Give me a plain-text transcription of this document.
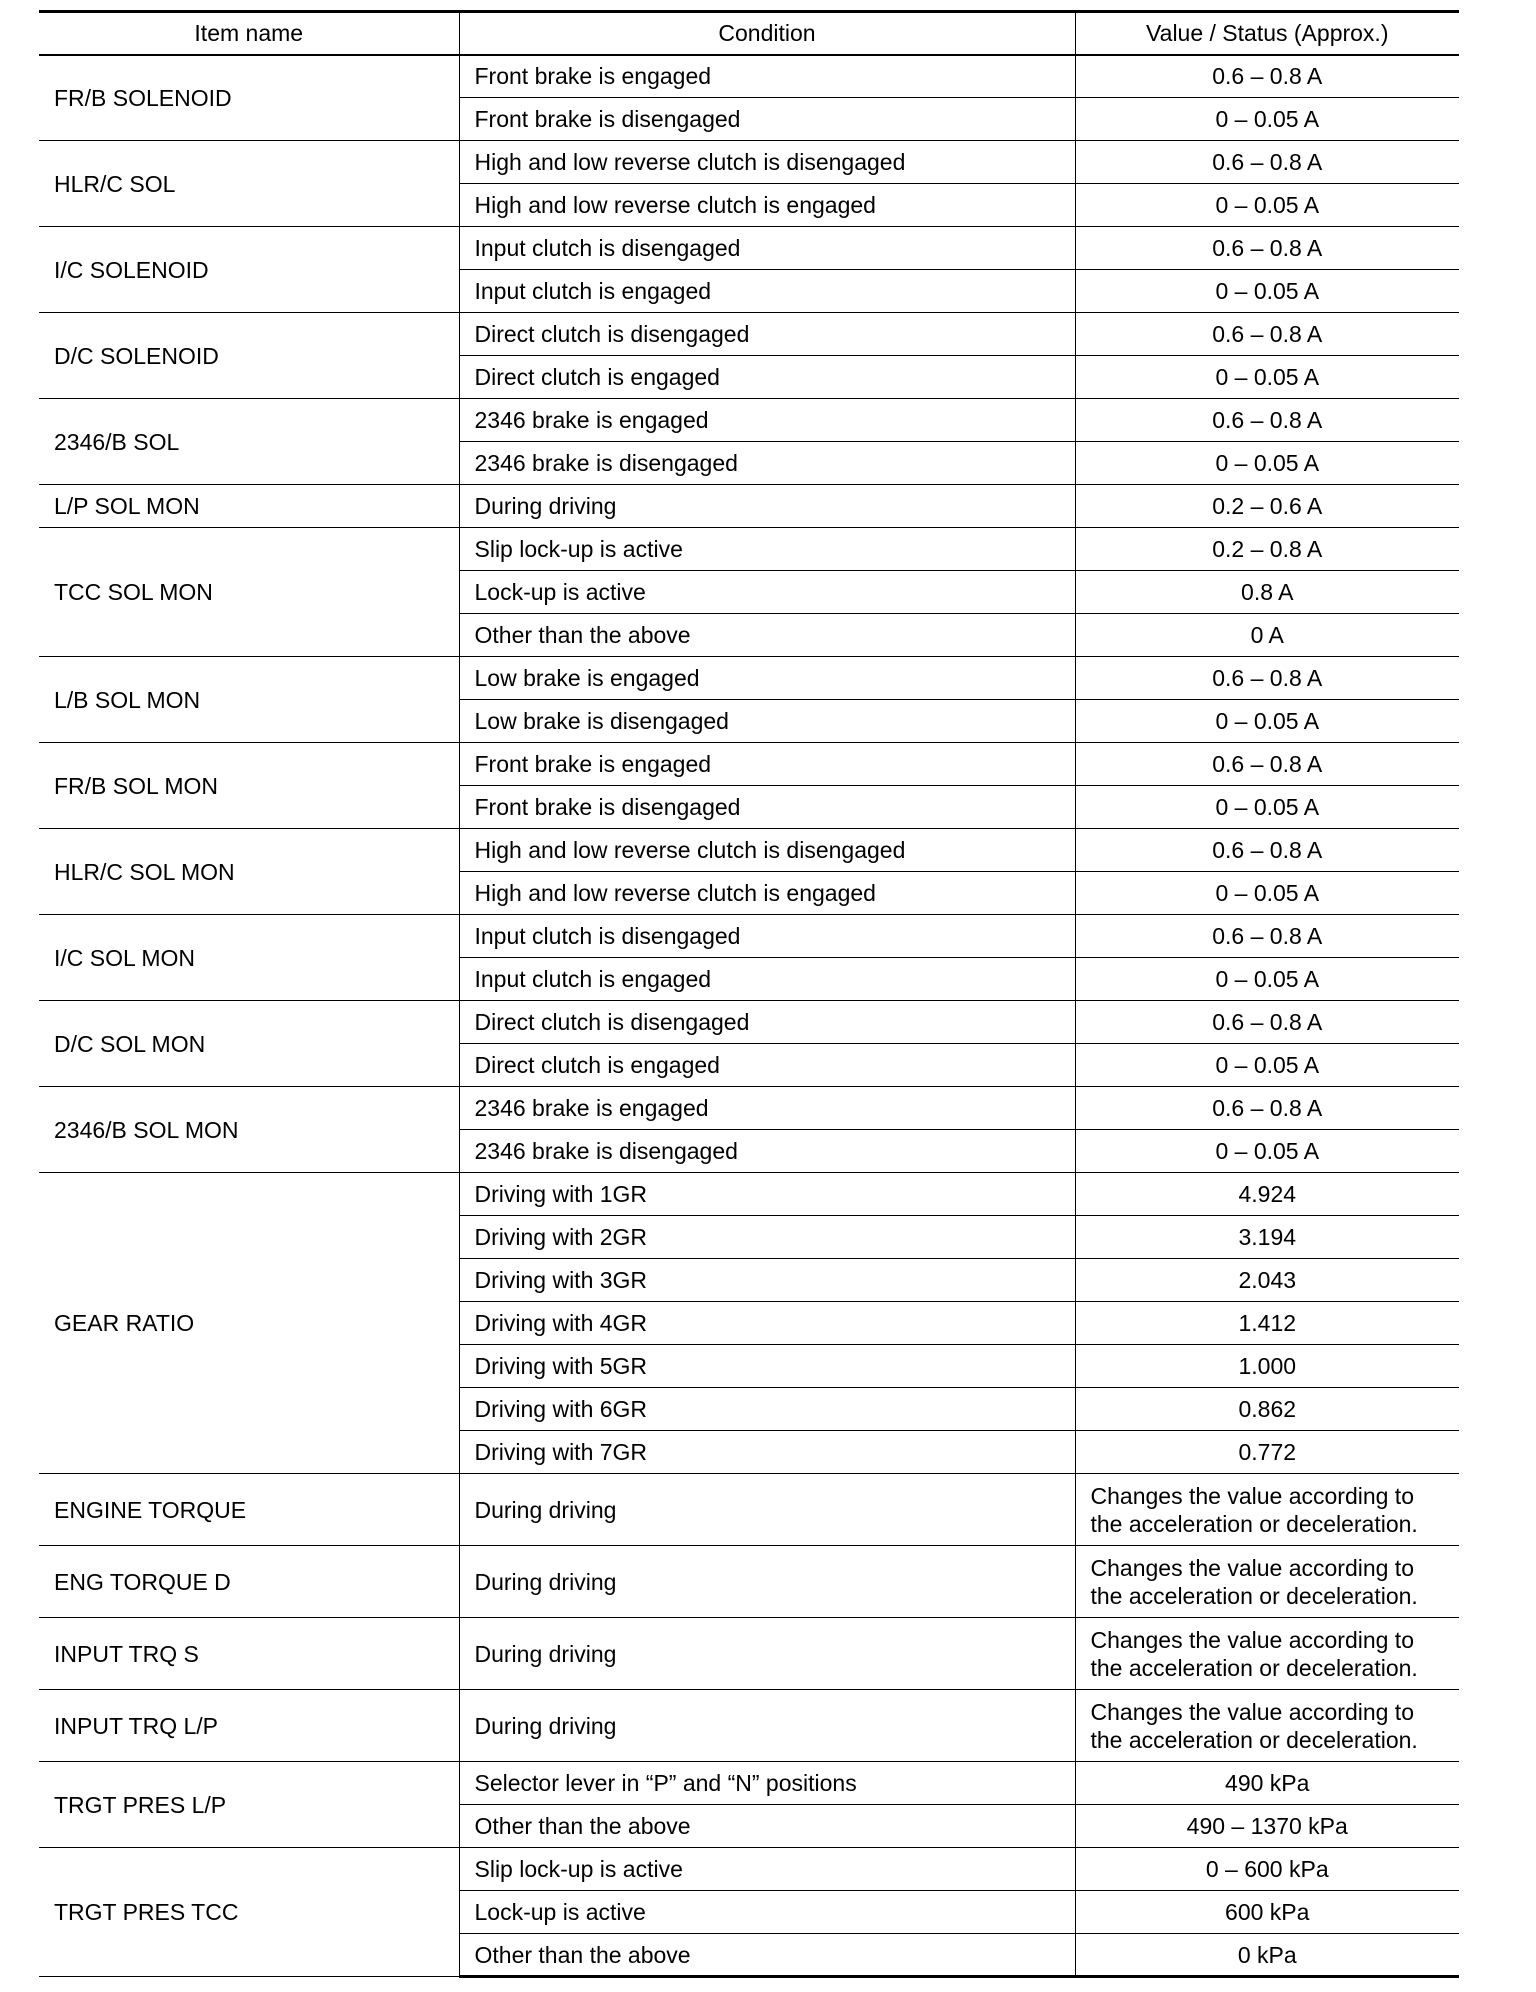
Item name	Condition	Value / Status (Approx.)
FR/B SOLENOID	Front brake is engaged	0.6 – 0.8 A
	Front brake is disengaged	0 – 0.05 A
HLR/C SOL	High and low reverse clutch is disengaged	0.6 – 0.8 A
	High and low reverse clutch is engaged	0 – 0.05 A
I/C SOLENOID	Input clutch is disengaged	0.6 – 0.8 A
	Input clutch is engaged	0 – 0.05 A
D/C SOLENOID	Direct clutch is disengaged	0.6 – 0.8 A
	Direct clutch is engaged	0 – 0.05 A
2346/B SOL	2346 brake is engaged	0.6 – 0.8 A
	2346 brake is disengaged	0 – 0.05 A
L/P SOL MON	During driving	0.2 – 0.6 A
TCC SOL MON	Slip lock-up is active	0.2 – 0.8 A
	Lock-up is active	0.8 A
	Other than the above	0 A
L/B SOL MON	Low brake is engaged	0.6 – 0.8 A
	Low brake is disengaged	0 – 0.05 A
FR/B SOL MON	Front brake is engaged	0.6 – 0.8 A
	Front brake is disengaged	0 – 0.05 A
HLR/C SOL MON	High and low reverse clutch is disengaged	0.6 – 0.8 A
	High and low reverse clutch is engaged	0 – 0.05 A
I/C SOL MON	Input clutch is disengaged	0.6 – 0.8 A
	Input clutch is engaged	0 – 0.05 A
D/C SOL MON	Direct clutch is disengaged	0.6 – 0.8 A
	Direct clutch is engaged	0 – 0.05 A
2346/B SOL MON	2346 brake is engaged	0.6 – 0.8 A
	2346 brake is disengaged	0 – 0.05 A
GEAR RATIO	Driving with 1GR	4.924
	Driving with 2GR	3.194
	Driving with 3GR	2.043
	Driving with 4GR	1.412
	Driving with 5GR	1.000
	Driving with 6GR	0.862
	Driving with 7GR	0.772
ENGINE TORQUE	During driving	Changes the value according to the acceleration or deceleration.
ENG TORQUE D	During driving	Changes the value according to the acceleration or deceleration.
INPUT TRQ S	During driving	Changes the value according to the acceleration or deceleration.
INPUT TRQ L/P	During driving	Changes the value according to the acceleration or deceleration.
TRGT PRES L/P	Selector lever in “P” and “N” positions	490 kPa
	Other than the above	490 – 1370 kPa
TRGT PRES TCC	Slip lock-up is active	0 – 600 kPa
	Lock-up is active	600 kPa
	Other than the above	0 kPa
